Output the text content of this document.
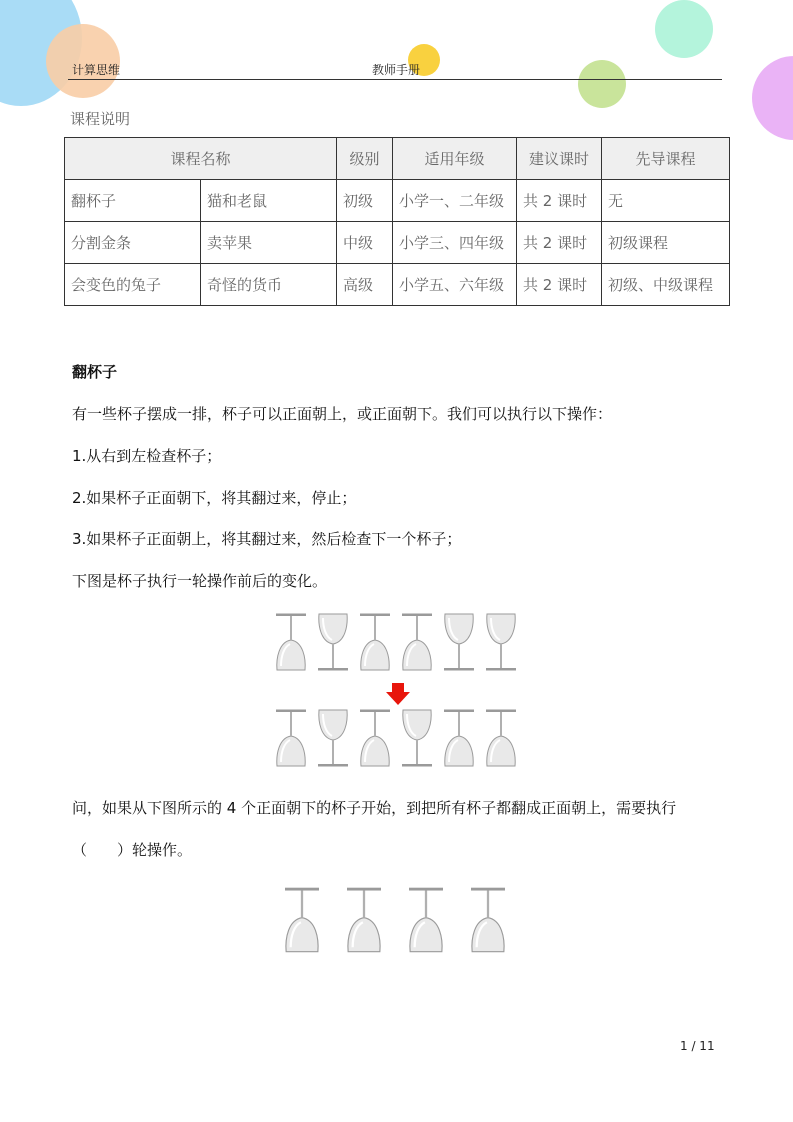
计算思维	教师手册
课程说明
课程名称		级别	适用年级	建议课时	先导课程
翻杯子	猫和老鼠	初级	小学一、二年级	共 2 课时	无
分割金条	卖苹果	中级	小学三、四年级	共 2 课时	初级课程
会变色的兔子	奇怪的货币	高级	小学五、六年级	共 2 课时	初级、中级课程
翻杯子
有一些杯子摆成一排，杯子可以正面朝上，或正面朝下。我们可以执行以下操作：
1.从右到左检查杯子；
2.如果杯子正面朝下，将其翻过来，停止；
3.如果杯子正面朝上，将其翻过来，然后检查下一个杯子；
下图是杯子执行一轮操作前后的变化。
问，如果从下图所示的 4 个正面朝下的杯子开始，到把所有杯子都翻成正面朝上，需要执行
（　　）轮操作。
1 / 11
